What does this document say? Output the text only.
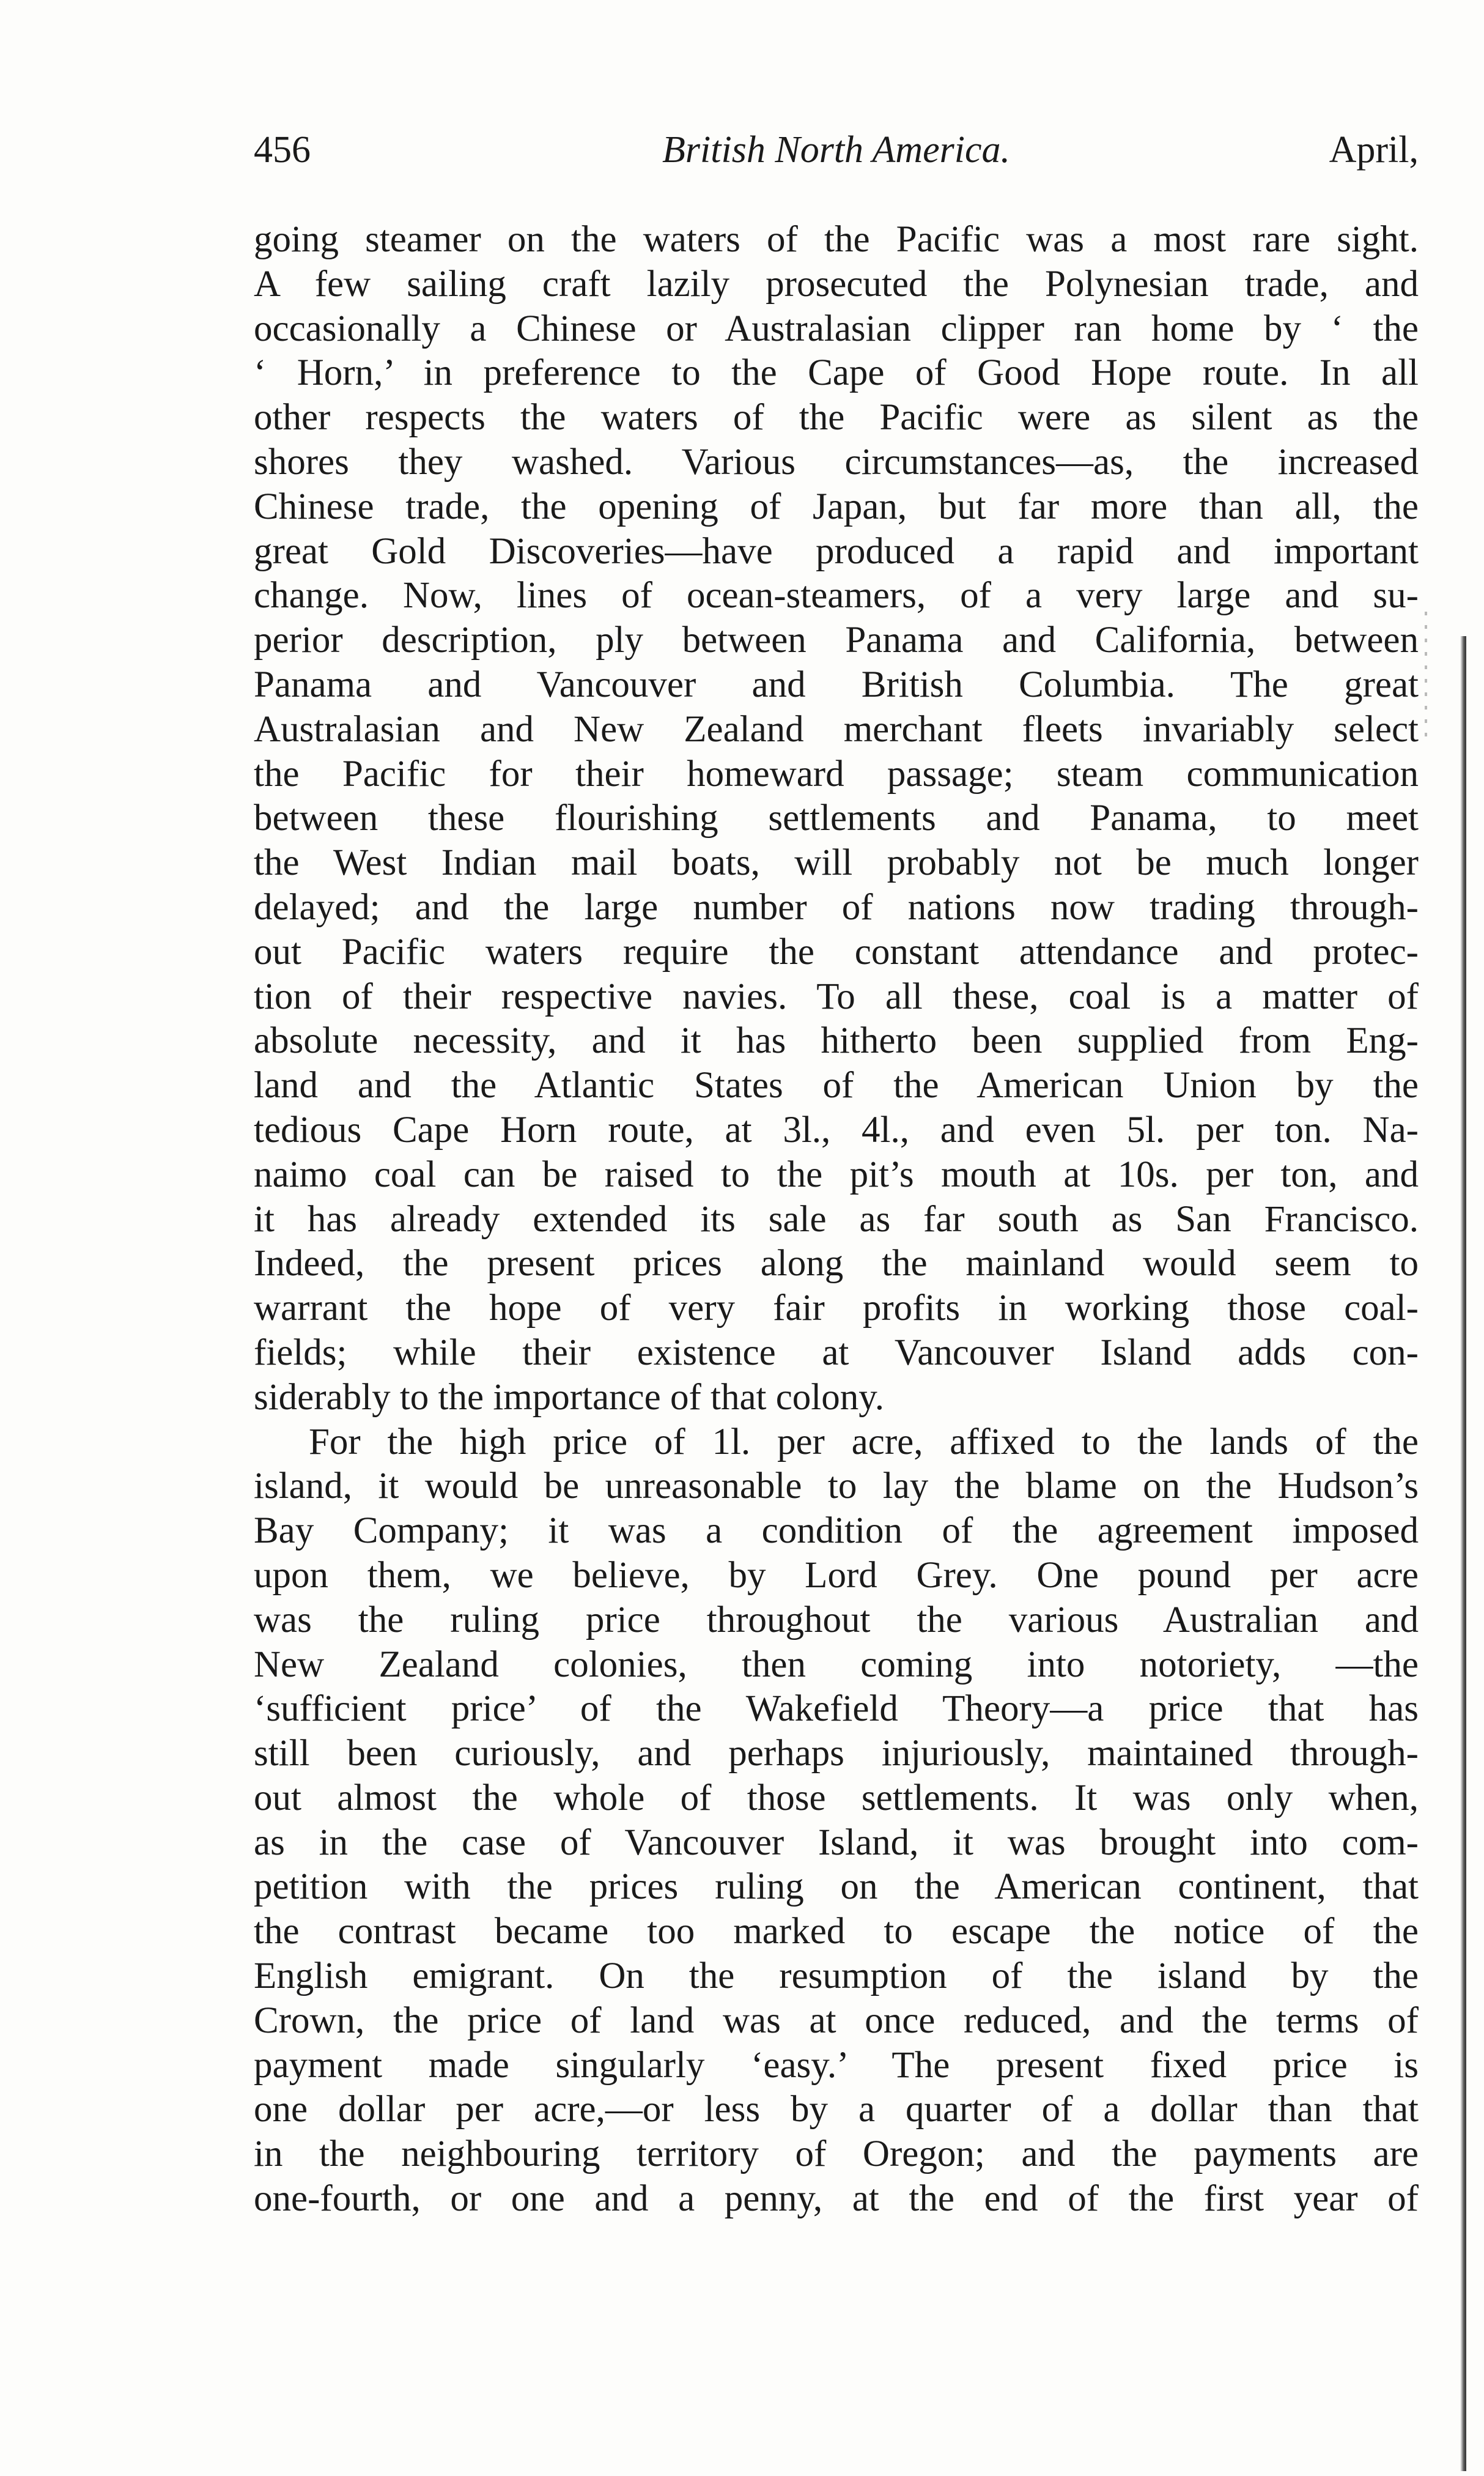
456	British North America.	April,
going steamer on the waters of the Pacific was a most rare sight.
A few sailing craft lazily prosecuted the Polynesian trade, and
occasionally a Chinese or Australasian clipper ran home by ‘ the
‘ Horn,’ in preference to the Cape of Good Hope route. In all
other respects the waters of the Pacific were as silent as the
shores they washed. Various circumstances—as, the increased
Chinese trade, the opening of Japan, but far more than all, the
great Gold Discoveries—have produced a rapid and important
change. Now, lines of ocean-steamers, of a very large and su-
perior description, ply between Panama and California, between
Panama and Vancouver and British Columbia. The great
Australasian and New Zealand merchant fleets invariably select
the Pacific for their homeward passage; steam communication
between these flourishing settlements and Panama, to meet
the West Indian mail boats, will probably not be much longer
delayed; and the large number of nations now trading through-
out Pacific waters require the constant attendance and protec-
tion of their respective navies. To all these, coal is a matter of
absolute necessity, and it has hitherto been supplied from Eng-
land and the Atlantic States of the American Union by the
tedious Cape Horn route, at 3l., 4l., and even 5l. per ton. Na-
naimo coal can be raised to the pit’s mouth at 10s. per ton, and
it has already extended its sale as far south as San Francisco.
Indeed, the present prices along the mainland would seem to
warrant the hope of very fair profits in working those coal-
fields; while their existence at Vancouver Island adds con-
siderably to the importance of that colony.
For the high price of 1l. per acre, affixed to the lands of the
island, it would be unreasonable to lay the blame on the Hudson’s
Bay Company; it was a condition of the agreement imposed
upon them, we believe, by Lord Grey. One pound per acre
was the ruling price throughout the various Australian and
New Zealand colonies, then coming into notoriety, —the
‘sufficient price’ of the Wakefield Theory—a price that has
still been curiously, and perhaps injuriously, maintained through-
out almost the whole of those settlements. It was only when,
as in the case of Vancouver Island, it was brought into com-
petition with the prices ruling on the American continent, that
the contrast became too marked to escape the notice of the
English emigrant. On the resumption of the island by the
Crown, the price of land was at once reduced, and the terms of
payment made singularly ‘easy.’ The present fixed price is
one dollar per acre,—or less by a quarter of a dollar than that
in the neighbouring territory of Oregon; and the payments are
one-fourth, or one and a penny, at the end of the first year of
